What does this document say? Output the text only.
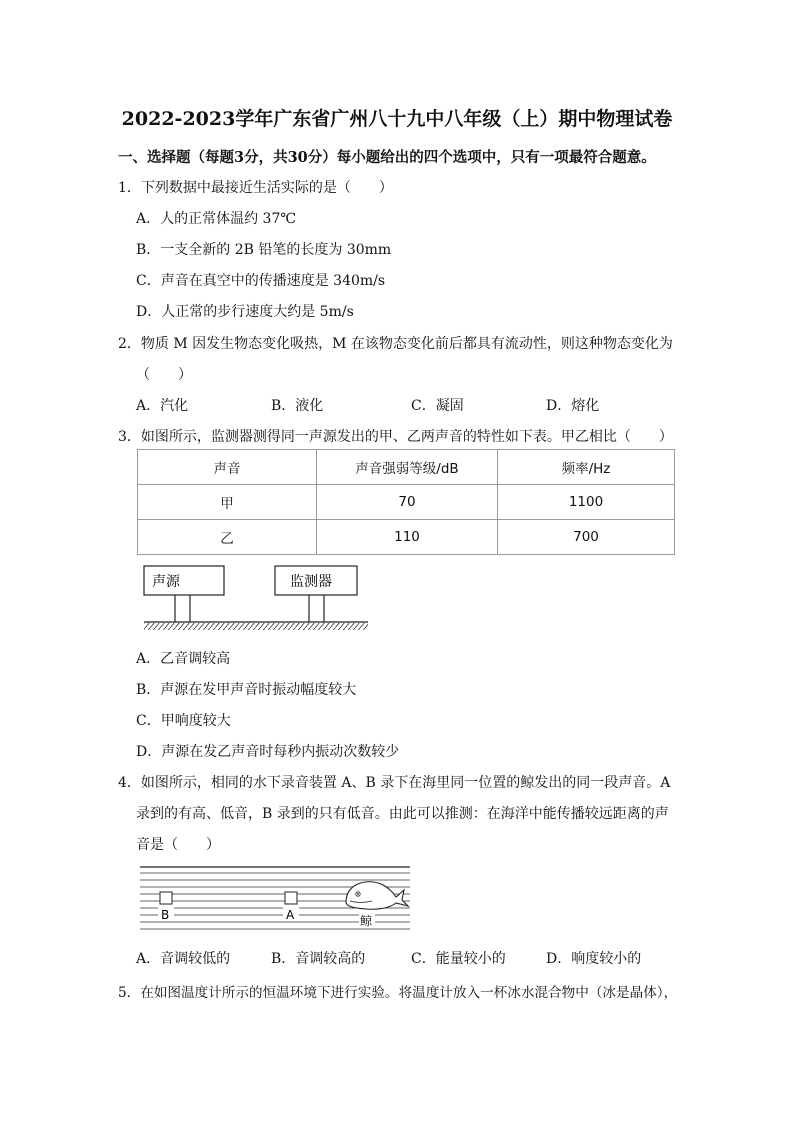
2022-2023学年广东省广州八十九中八年级（上）期中物理试卷
一、选择题（每题3分，共30分）每小题给出的四个选项中，只有一项最符合题意。
1．下列数据中最接近生活实际的是（　　）
A．人的正常体温约 37℃
B．一支全新的 2B 铅笔的长度为 30mm
C．声音在真空中的传播速度是 340m/s
D．人正常的步行速度大约是 5m/s
2．物质 M 因发生物态变化吸热，M 在该物态变化前后都具有流动性，则这种物态变化为
（　　）
A．汽化	B．液化	C．凝固	D．熔化
3．如图所示，监测器测得同一声源发出的甲、乙两声音的特性如下表。甲乙相比（　　）
声音	声音强弱等级/dB	频率/Hz
甲	70	1100
乙	110	700
声源	监测器
A．乙音调较高
B．声源在发甲声音时振动幅度较大
C．甲响度较大
D．声源在发乙声音时每秒内振动次数较少
4．如图所示，相同的水下录音装置 A、B 录下在海里同一位置的鲸发出的同一段声音。A
录到的有高、低音，B 录到的只有低音。由此可以推测：在海洋中能传播较远距离的声
音是（　　）
B	A	鲸
A．音调较低的	B．音调较高的	C．能量较小的	D．响度较小的
5．在如图温度计所示的恒温环境下进行实验。将温度计放入一杯冰水混合物中（冰是晶体），
